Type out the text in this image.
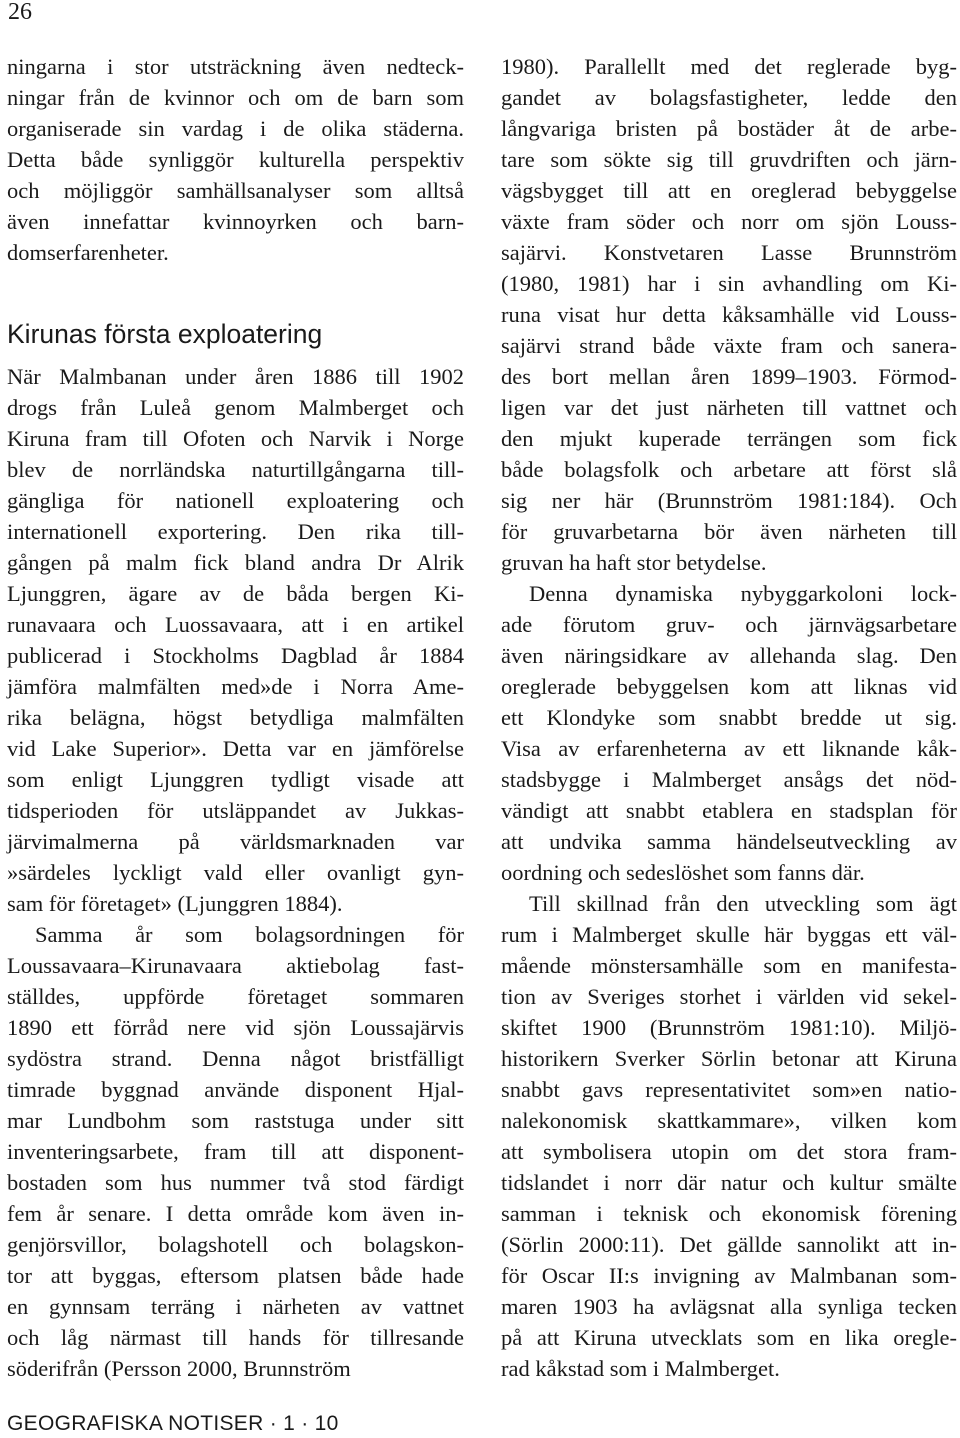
26
ningarna i stor utsträckning även nedteck-
ningar från de kvinnor och om de barn som
organiserade sin vardag i de olika städerna.
Detta både synliggör kulturella perspektiv
och möjliggör samhällsanalyser som alltså
även innefattar kvinnoyrken och barn-
domserfarenheter.
Kirunas första exploatering
När Malmbanan under åren 1886 till 1902
drogs från Luleå genom Malmberget och
Kiruna fram till Ofoten och Narvik i Norge
blev de norrländska naturtillgångarna till-
gängliga för nationell exploatering och
internationell exportering. Den rika till-
gången på malm fick bland andra Dr Alrik
Ljunggren, ägare av de båda bergen Ki-
runavaara och Luossavaara, att i en artikel
publicerad i Stockholms Dagblad år 1884
jämföra malmfälten med»de i Norra Ame-
rika belägna, högst betydliga malmfälten
vid Lake Superior». Detta var en jämförelse
som enligt Ljunggren tydligt visade att
tidsperioden för utsläppandet av Jukkas-
järvimalmerna på världsmarknaden var
»särdeles lyckligt vald eller ovanligt gyn-
sam för företaget» (Ljunggren 1884).
Samma år som bolagsordningen för
Loussavaara–Kirunavaara aktiebolag fast-
ställdes, uppförde företaget sommaren
1890 ett förråd nere vid sjön Loussajärvis
sydöstra strand. Denna något bristfälligt
timrade byggnad använde disponent Hjal-
mar Lundbohm som raststuga under sitt
inventeringsarbete, fram till att disponent-
bostaden som hus nummer två stod färdigt
fem år senare. I detta område kom även in-
genjörsvillor, bolagshotell och bolagskon-
tor att byggas, eftersom platsen både hade
en gynnsam terräng i närheten av vattnet
och låg närmast till hands för tillresande
söderifrån (Persson 2000, Brunnström
1980). Parallellt med det reglerade byg-
gandet av bolagsfastigheter, ledde den
långvariga bristen på bostäder åt de arbe-
tare som sökte sig till gruvdriften och järn-
vägsbygget till att en oreglerad bebyggelse
växte fram söder och norr om sjön Louss-
sajärvi. Konstvetaren Lasse Brunnström
(1980, 1981) har i sin avhandling om Ki-
runa visat hur detta kåksamhälle vid Louss-
sajärvi strand både växte fram och sanera-
des bort mellan åren 1899–1903. Förmod-
ligen var det just närheten till vattnet och
den mjukt kuperade terrängen som fick
både bolagsfolk och arbetare att först slå
sig ner här (Brunnström 1981:184). Och
för gruvarbetarna bör även närheten till
gruvan ha haft stor betydelse.
Denna dynamiska nybyggarkoloni lock-
ade förutom gruv- och järnvägsarbetare
även näringsidkare av allehanda slag. Den
oreglerade bebyggelsen kom att liknas vid
ett Klondyke som snabbt bredde ut sig.
Visa av erfarenheterna av ett liknande kåk-
stadsbygge i Malmberget ansågs det nöd-
vändigt att snabbt etablera en stadsplan för
att undvika samma händelseutveckling av
oordning och sedeslöshet som fanns där.
Till skillnad från den utveckling som ägt
rum i Malmberget skulle här byggas ett väl-
mående mönstersamhälle som en manifesta-
tion av Sveriges storhet i världen vid sekel-
skiftet 1900 (Brunnström 1981:10). Miljö-
historikern Sverker Sörlin betonar att Kiruna
snabbt gavs representativitet som»en natio-
nalekonomisk skattkammare», vilken kom
att symbolisera utopin om det stora fram-
tidslandet i norr där natur och kultur smälte
samman i teknisk och ekonomisk förening
(Sörlin 2000:11). Det gällde sannolikt att in-
för Oscar II:s invigning av Malmbanan som-
maren 1903 ha avlägsnat alla synliga tecken
på att Kiruna utvecklats som en lika oregle-
rad kåkstad som i Malmberget.
GEOGRAFISKA NOTISER · 1 · 10
